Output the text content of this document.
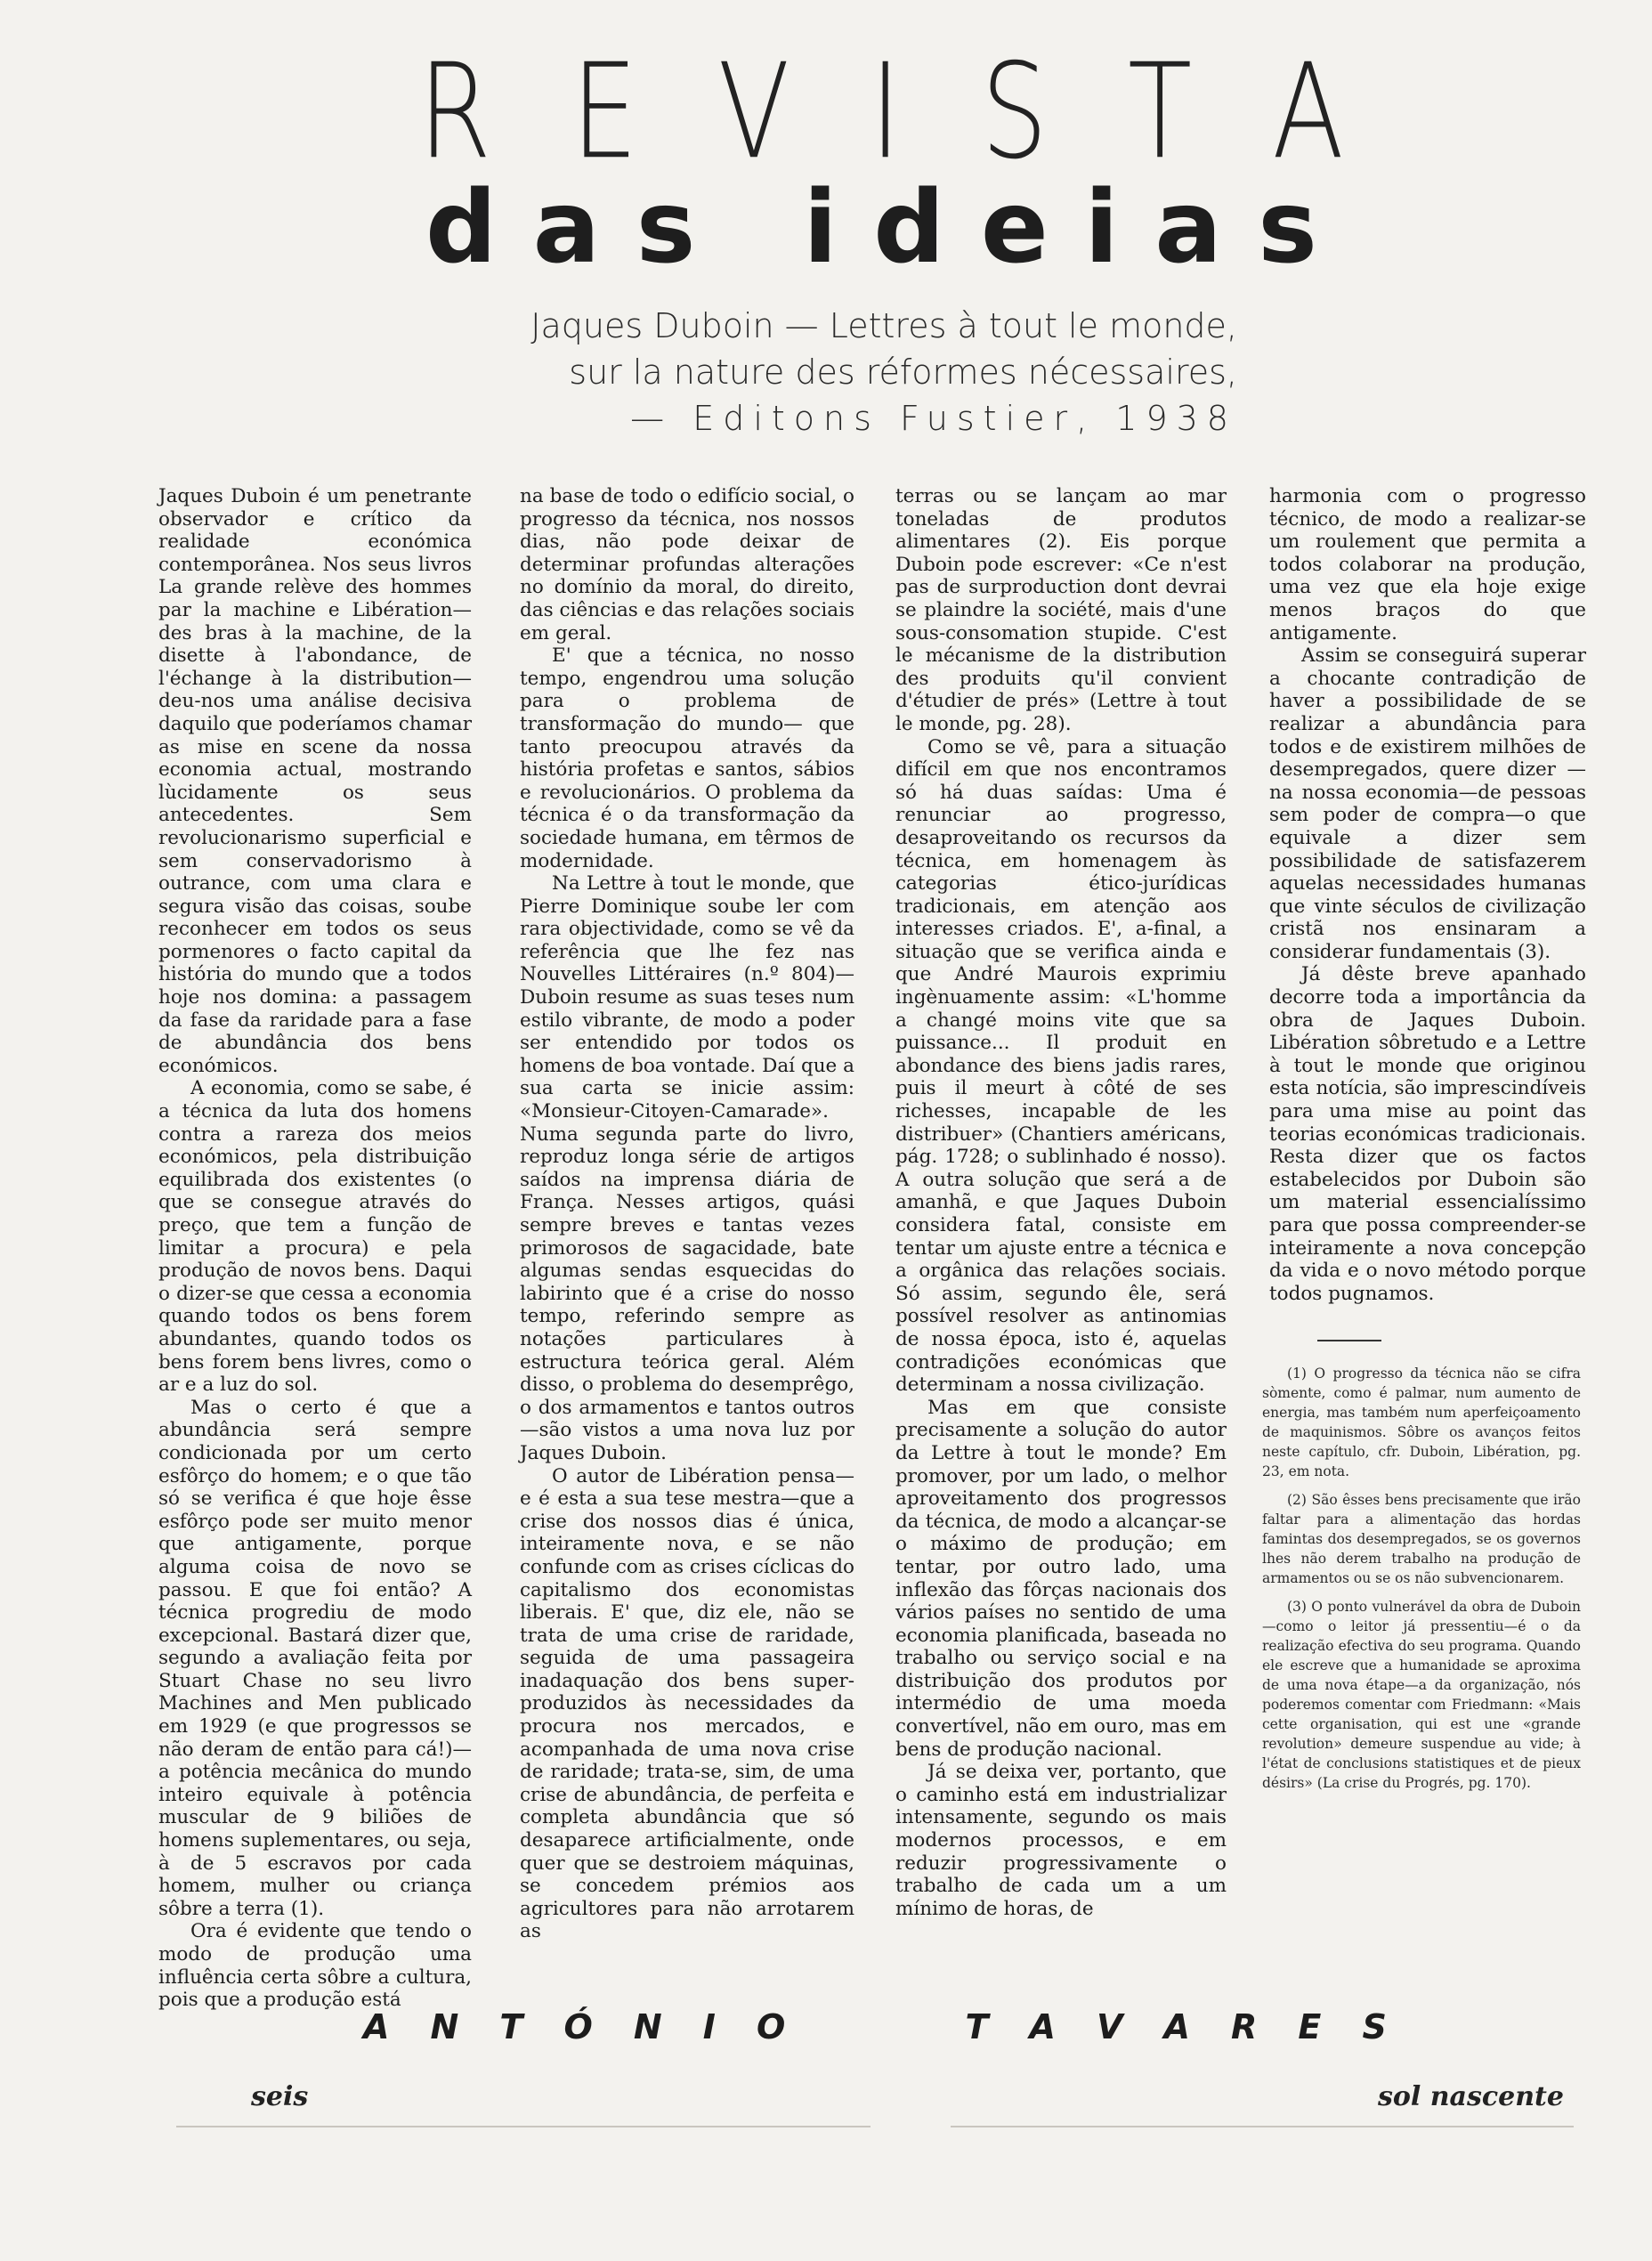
R E V I S T A
d a s i d e i a s
Jaques Duboin — Lettres à tout le monde,
sur la nature des réformes nécessaires,
— Editons Fustier, 1938

Jaques Duboin é um penetrante observador e crítico da realidade económica contemporânea. Nos seus livros La grande relève des hommes par la machine e Libération— des bras à la machine, de la disette à l'abondance, de l'échange à la distribution—deu-nos uma análise decisiva daquilo que poderíamos chamar as mise en scene da nossa economia actual, mostrando lùcidamente os seus antecedentes. Sem revolucionarismo superficial e sem conservadorismo à outrance, com uma clara e segura visão das coisas, soube reconhecer em todos os seus pormenores o facto capital da história do mundo que a todos hoje nos domina: a passagem da fase da raridade para a fase de abundância dos bens económicos.

A economia, como se sabe, é a técnica da luta dos homens contra a rareza dos meios económicos, pela distribuição equilibrada dos existentes (o que se consegue através do preço, que tem a função de limitar a procura) e pela produção de novos bens. Daqui o dizer-se que cessa a economia quando todos os bens forem abundantes, quando todos os bens forem bens livres, como o ar e a luz do sol.

Mas o certo é que a abundância será sempre condicionada por um certo esfôrço do homem; e o que tão só se verifica é que hoje êsse esfôrço pode ser muito menor que antigamente, porque alguma coisa de novo se passou. E que foi então? A técnica progrediu de modo excepcional. Bastará dizer que, segundo a avaliação feita por Stuart Chase no seu livro Machines and Men publicado em 1929 (e que progressos se não deram de então para cá!)—a potência mecânica do mundo inteiro equivale à potência muscular de 9 biliões de homens suplementares, ou seja, à de 5 escravos por cada homem, mulher ou criança sôbre a terra (1).

Ora é evidente que tendo o modo de produção uma influência certa sôbre a cultura, pois que a produção está

na base de todo o edifício social, o progresso da técnica, nos nossos dias, não pode deixar de determinar profundas alterações no domínio da moral, do direito, das ciências e das relações sociais em geral.

E' que a técnica, no nosso tempo, engendrou uma solução para o problema de transformação do mundo— que tanto preocupou através da história profetas e santos, sábios e revolucionários. O problema da técnica é o da transformação da sociedade humana, em têrmos de modernidade.

Na Lettre à tout le monde, que Pierre Dominique soube ler com rara objectividade, como se vê da referência que lhe fez nas Nouvelles Littéraires (n.º 804)—Duboin resume as suas teses num estilo vibrante, de modo a poder ser entendido por todos os homens de boa vontade. Daí que a sua carta se inicie assim: «Monsieur-Citoyen-Camarade». Numa segunda parte do livro, reproduz longa série de artigos saídos na imprensa diária de França. Nesses artigos, quási sempre breves e tantas vezes primorosos de sagacidade, bate algumas sendas esquecidas do labirinto que é a crise do nosso tempo, referindo sempre as notações particulares à estructura teórica geral. Além disso, o problema do desemprêgo, o dos armamentos e tantos outros —são vistos a uma nova luz por Jaques Duboin.

O autor de Libération pensa—e é esta a sua tese mestra—que a crise dos nossos dias é única, inteiramente nova, e se não confunde com as crises cíclicas do capitalismo dos economistas liberais. E' que, diz ele, não se trata de uma crise de raridade, seguida de uma passageira inadaquação dos bens super-produzidos às necessidades da procura nos mercados, e acompanhada de uma nova crise de raridade; trata-se, sim, de uma crise de abundância, de perfeita e completa abundância que só desaparece artificialmente, onde quer que se destroiem máquinas, se concedem prémios aos agricultores para não arrotarem as

terras ou se lançam ao mar toneladas de produtos alimentares (2). Eis porque Duboin pode escrever: «Ce n'est pas de surproduction dont devrai se plaindre la société, mais d'une sous-consomation stupide. C'est le mécanisme de la distribution des produits qu'il convient d'étudier de prés» (Lettre à tout le monde, pg. 28).

Como se vê, para a situação difícil em que nos encontramos só há duas saídas: Uma é renunciar ao progresso, desaproveitando os recursos da técnica, em homenagem às categorias ético-jurídicas tradicionais, em atenção aos interesses criados. E', a-final, a situação que se verifica ainda e que André Maurois exprimiu ingènuamente assim: «L'homme a changé moins vite que sa puissance... Il produit en abondance des biens jadis rares, puis il meurt à côté de ses richesses, incapable de les distribuer» (Chantiers américans, pág. 1728; o sublinhado é nosso). A outra solução que será a de amanhã, e que Jaques Duboin considera fatal, consiste em tentar um ajuste entre a técnica e a orgânica das relações sociais. Só assim, segundo êle, será possível resolver as antinomias de nossa época, isto é, aquelas contradições económicas que determinam a nossa civilização.

Mas em que consiste precisamente a solução do autor da Lettre à tout le monde? Em promover, por um lado, o melhor aproveitamento dos progressos da técnica, de modo a alcançar-se o máximo de produção; em tentar, por outro lado, uma inflexão das fôrças nacionais dos vários países no sentido de uma economia planificada, baseada no trabalho ou serviço social e na distribuição dos produtos por intermédio de uma moeda convertível, não em ouro, mas em bens de produção nacional.

Já se deixa ver, portanto, que o caminho está em industrializar intensamente, segundo os mais modernos processos, e em reduzir progressivamente o trabalho de cada um a um mínimo de horas, de

harmonia com o progresso técnico, de modo a realizar-se um roulement que permita a todos colaborar na produção, uma vez que ela hoje exige menos braços do que antigamente.

Assim se conseguirá superar a chocante contradição de haver a possibilidade de se realizar a abundância para todos e de existirem milhões de desempregados, quere dizer —na nossa economia—de pessoas sem poder de compra—o que equivale a dizer sem possibilidade de satisfazerem aquelas necessidades humanas que vinte séculos de civilização cristã nos ensinaram a considerar fundamentais (3).

Já dêste breve apanhado decorre toda a importância da obra de Jaques Duboin. Libération sôbretudo e a Lettre à tout le monde que originou esta notícia, são imprescindíveis para uma mise au point das teorias económicas tradicionais. Resta dizer que os factos estabelecidos por Duboin são um material essencialíssimo para que possa compreender-se inteiramente a nova concepção da vida e o novo método porque todos pugnamos.

(1) O progresso da técnica não se cifra sòmente, como é palmar, num aumento de energia, mas também num aperfeiçoamento de maquinismos. Sôbre os avanços feitos neste capítulo, cfr. Duboin, Libération, pg. 23, em nota.

(2) São êsses bens precisamente que irão faltar para a alimentação das hordas famintas dos desempregados, se os governos lhes não derem trabalho na produção de armamentos ou se os não subvencionarem.

(3) O ponto vulnerável da obra de Duboin—como o leitor já pressentiu—é o da realização efectiva do seu programa. Quando ele escreve que a humanidade se aproxima de uma nova étape—a da organização, nós poderemos comentar com Friedmann: «Mais cette organisation, qui est une «grande revolution» demeure suspendue au vide; à l'état de conclusions statistiques et de pieux désirs» (La crise du Progrés, pg. 170).

A N T Ó N I O	T A V A R E S
seis	sol nascente
